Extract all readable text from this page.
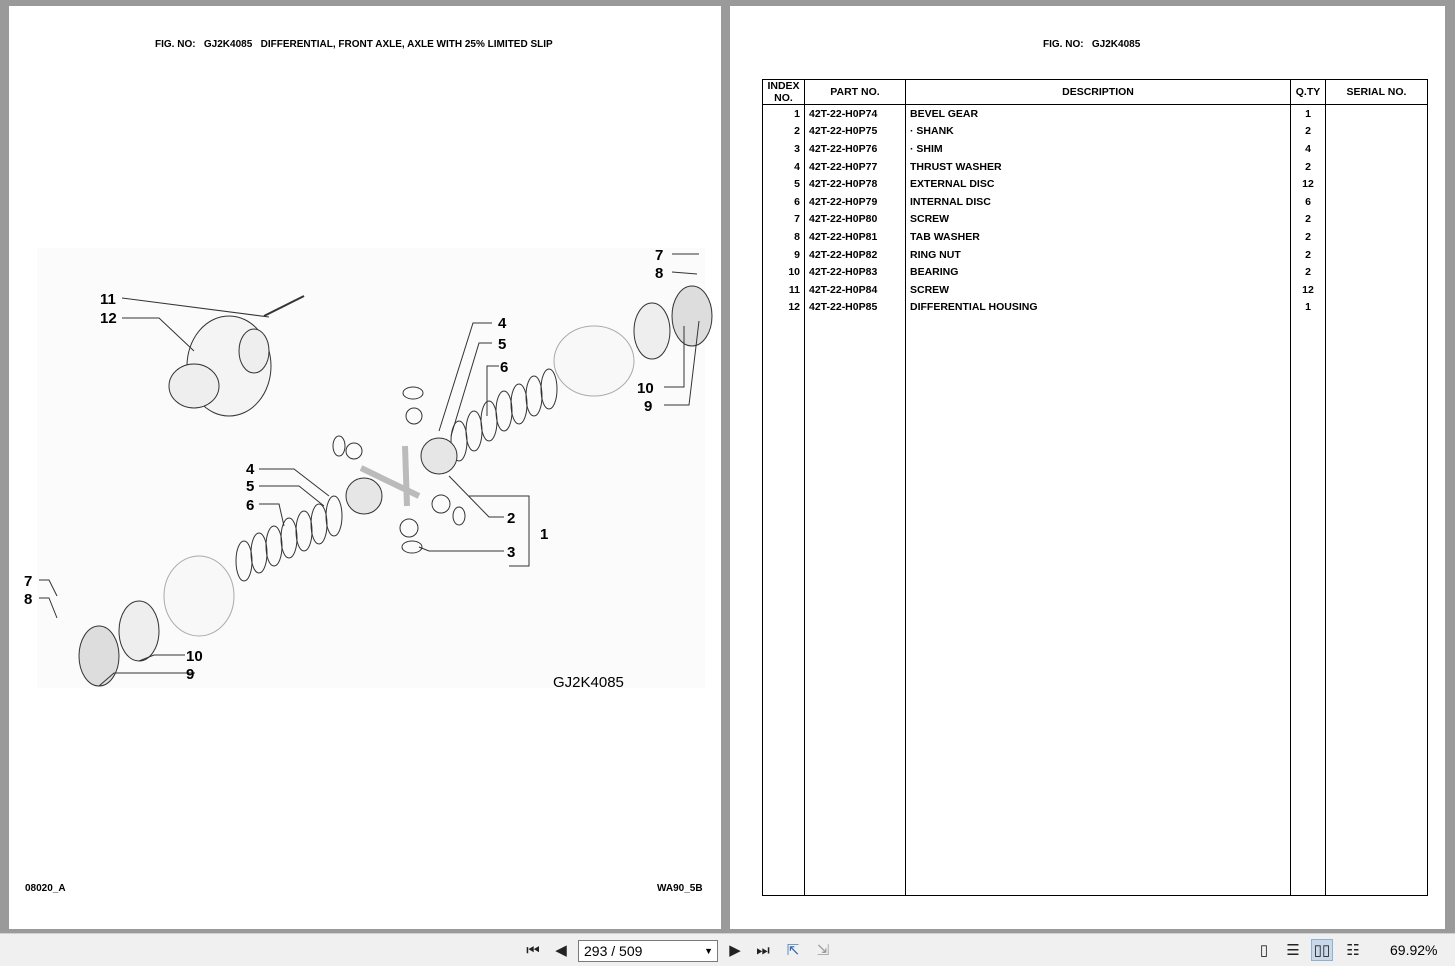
FIG. NO: GJ2K4085 DIFFERENTIAL, FRONT AXLE, AXLE WITH 25% LIMITED SLIP
11
12	4
5
6
7
8
10
9
2
1
3
4
5
6
7
8
10
9	GJ2K4085
08020_A	WA90_5B
FIG. NO: GJ2K4085
INDEX NO.	PART NO.	DESCRIPTION	Q.TY	SERIAL NO.
1	42T-22-H0P74	BEVEL GEAR	1	
2	42T-22-H0P75	· SHANK	2	
3	42T-22-H0P76	· SHIM	4	
4	42T-22-H0P77	THRUST WASHER	2	
5	42T-22-H0P78	EXTERNAL DISC	12	
6	42T-22-H0P79	INTERNAL DISC	6	
7	42T-22-H0P80	SCREW	2	
8	42T-22-H0P81	TAB WASHER	2	
9	42T-22-H0P82	RING NUT	2	
10	42T-22-H0P83	BEARING	2	
11	42T-22-H0P84	SCREW	12	
12	42T-22-H0P85	DIFFERENTIAL HOUSING	1	

⏮	◀	293 / 509	▼	▶	⏭	⇱	⇲	▯	☰ ▯▯ ☷	69.92%
